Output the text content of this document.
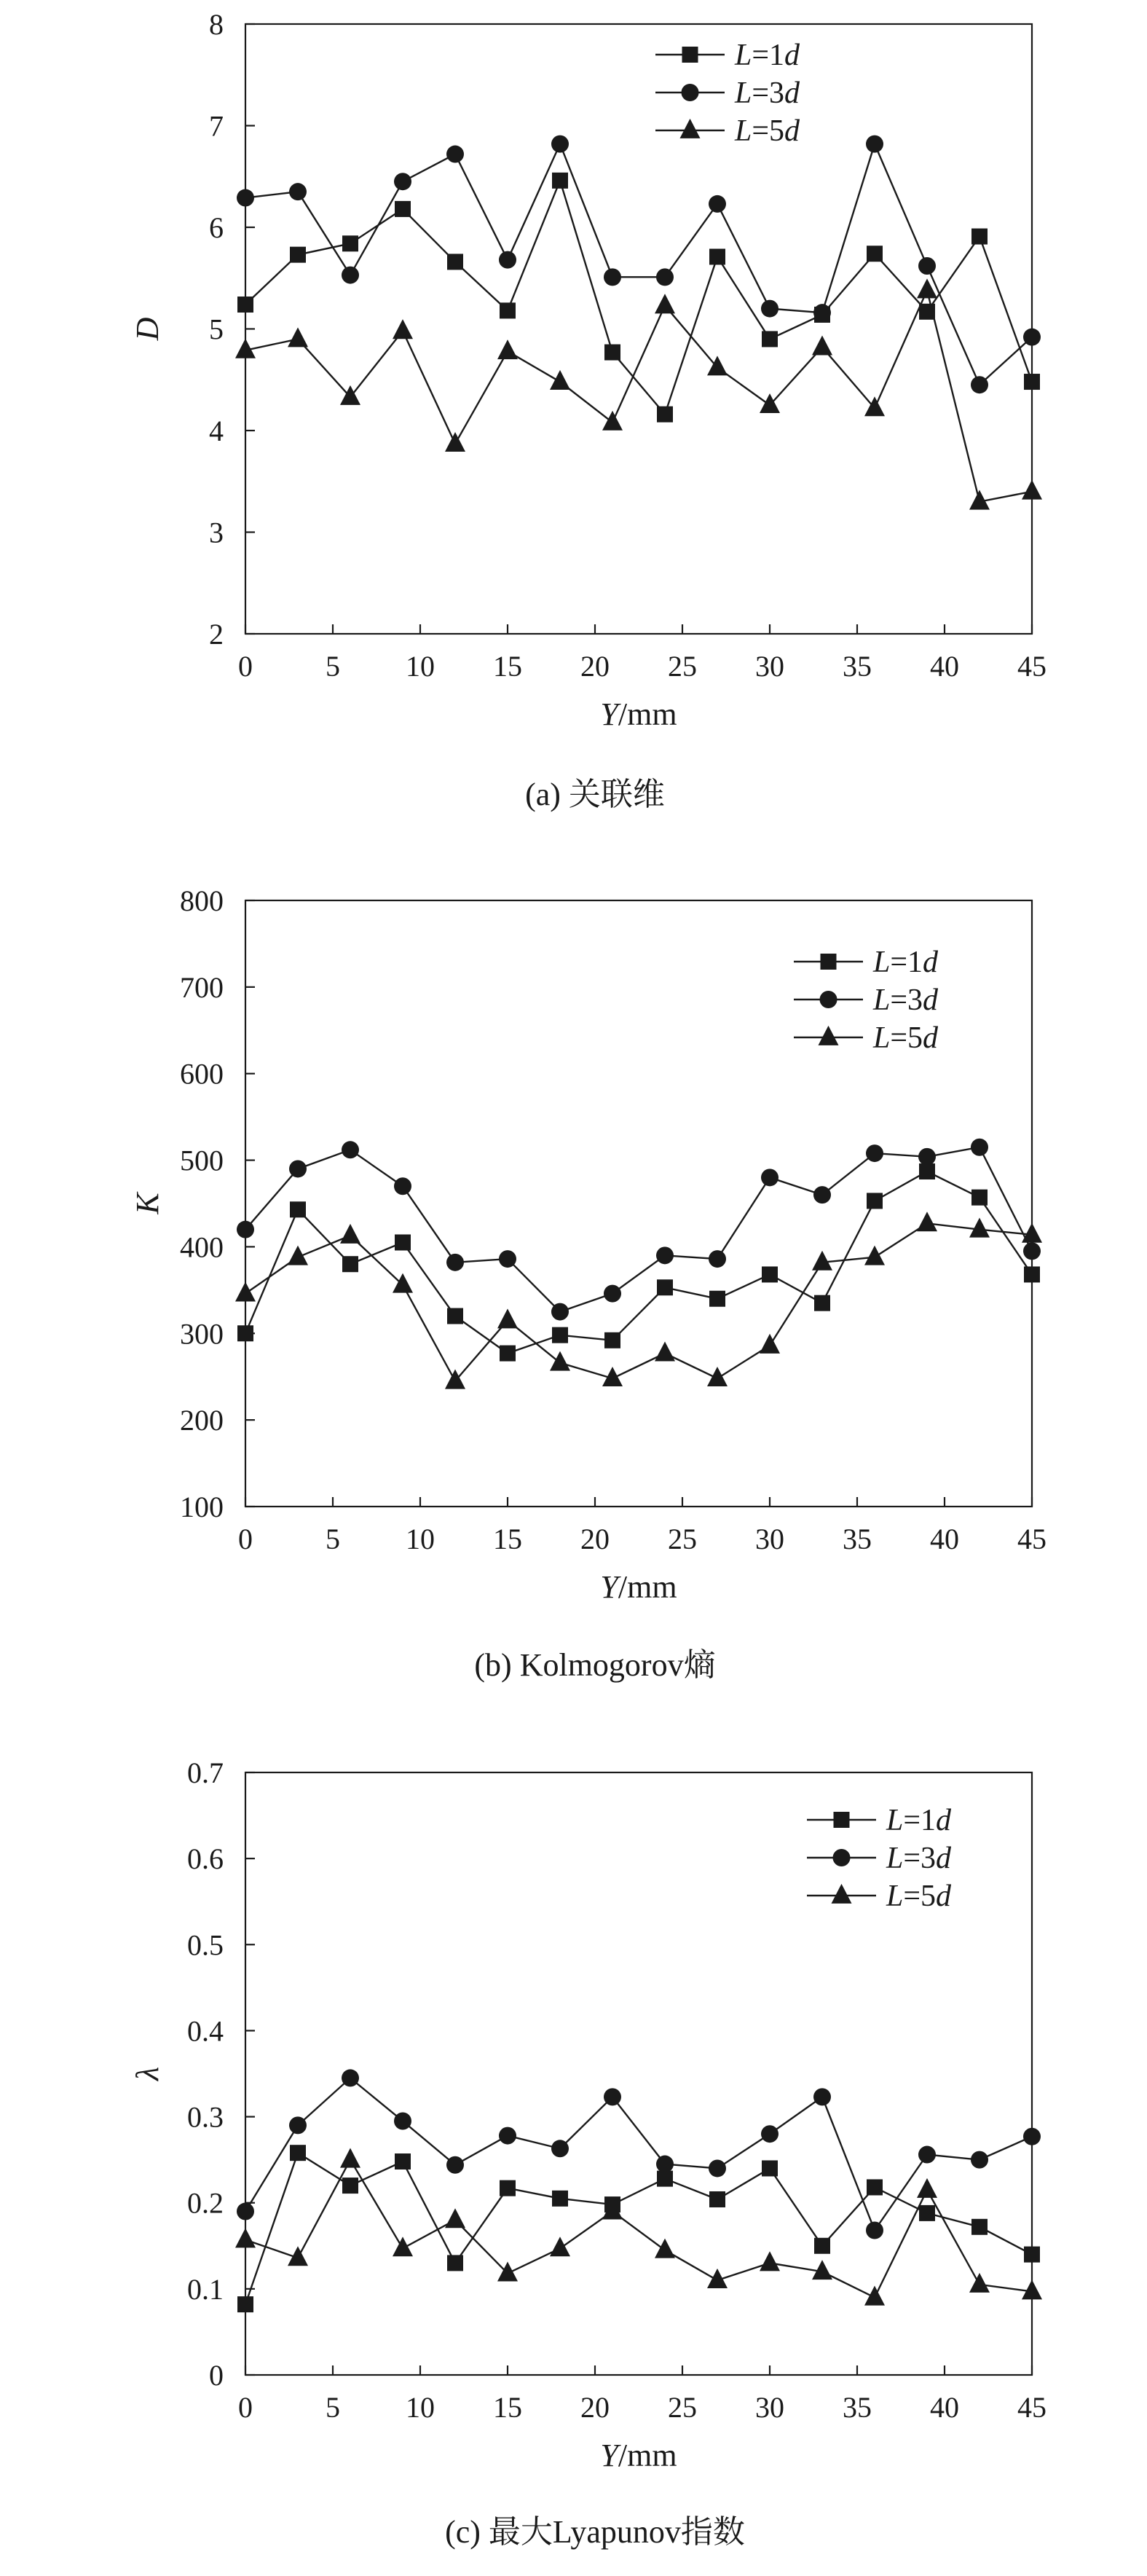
0	5 10 15 20 25 30 35 40 45
2
3
4
5
6
7
8
Y/mm
D
L=1d
L=3d
L=5d
(a) 关联维
0	5 10 15 20 25 30 35 40 45
100
200
300
400
500
600
700
800
Y/mm
K
L=1d
L=3d
L=5d
(b) Kolmogorov熵
0	5 10 15 20 25 30 35 40 45
0
0.1
0.2
0.3
0.4
0.5
0.6
0.7
Y/mm
λ
L=1d
L=3d
L=5d
(c) 最大Lyapunov指数
